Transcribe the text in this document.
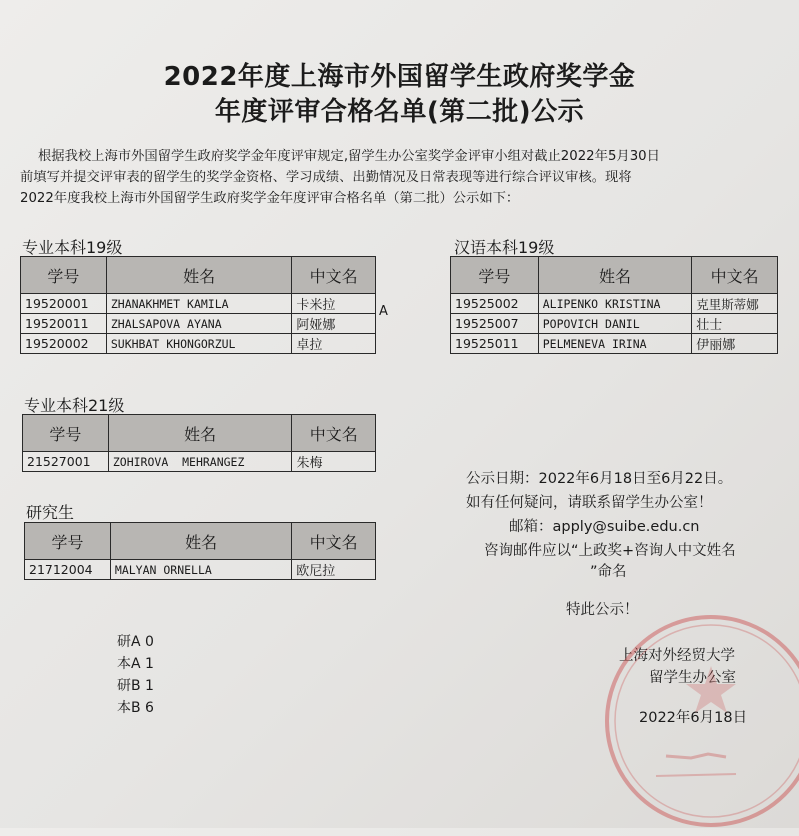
2022年度上海市外国留学生政府奖学金
年度评审合格名单(第二批)公示
根据我校上海市外国留学生政府奖学金年度评审规定,留学生办公室奖学金评审小组对截止2022年5月30日
前填写并提交评审表的留学生的奖学金资格、学习成绩、出勤情况及日常表现等进行综合评议审核。现将
2022年度我校上海市外国留学生政府奖学金年度评审合格名单（第二批）公示如下：
专业本科19级
学号	姓名	中文名
19520001	ZHANAKHMET KAMILA	卡米拉
19520011	ZHALSAPOVA AYANA	阿娅娜
19520002	SUKHBAT KHONGORZUL	卓拉
A
汉语本科19级
学号	姓名	中文名
19525002	ALIPENKO KRISTINA	克里斯蒂娜
19525007	POPOVICH DANIL	壮士
19525011	PELMENEVA IRINA	伊丽娜
专业本科21级
学号	姓名	中文名
21527001	ZOHIROVA  MEHRANGEZ	朱梅
研究生
学号	姓名	中文名
21712004	MALYAN ORNELLA	欧尼拉
公示日期：2022年6月18日至6月22日。
如有任何疑问，请联系留学生办公室！
邮箱：apply@suibe.edu.cn
咨询邮件应以“上政奖+咨询人中文姓名
”命名
特此公示！
上海对外经贸大学
留学生办公室
2022年6月18日
研A 0
本A 1
研B 1
本B 6
